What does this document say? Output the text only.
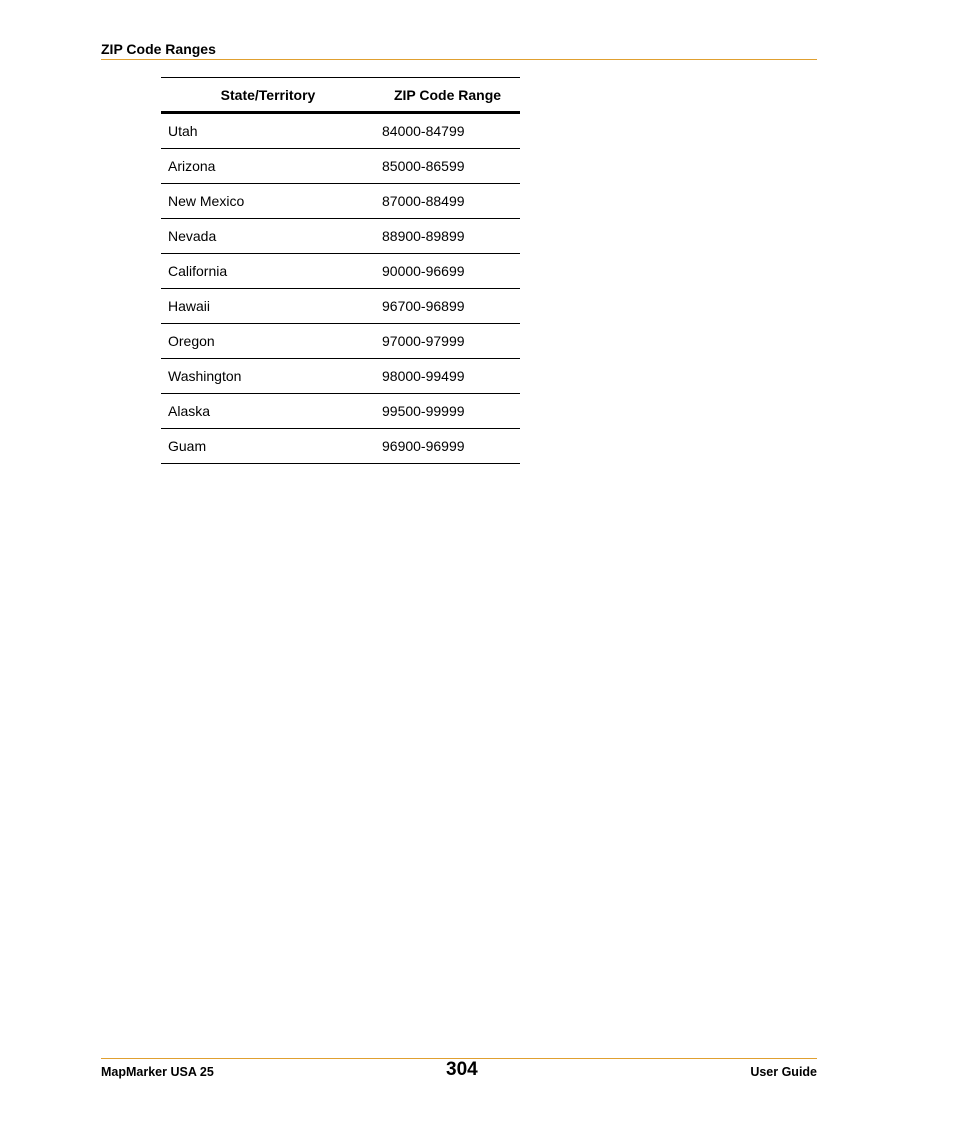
ZIP Code Ranges
State/Territory	ZIP Code Range
Utah	84000-84799
Arizona	85000-86599
New Mexico	87000-88499
Nevada	88900-89899
California	90000-96699
Hawaii	96700-96899
Oregon	97000-97999
Washington	98000-99499
Alaska	99500-99999
Guam	96900-96999
MapMarker USA 25	304	User Guide
